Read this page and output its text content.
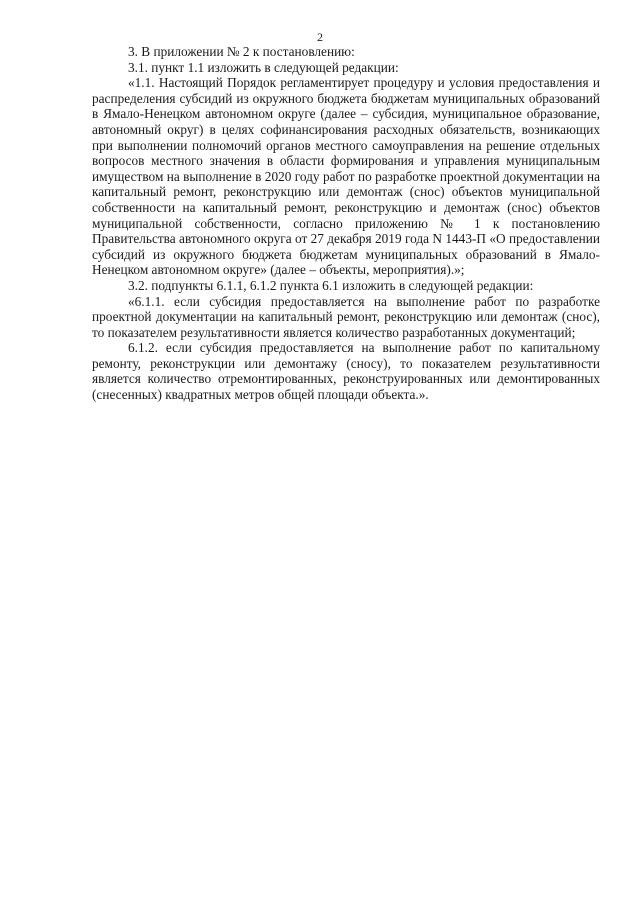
2

3. В приложении № 2 к постановлению:

3.1. пункт 1.1 изложить в следующей редакции:

«1.1. Настоящий Порядок регламентирует процедуру и условия предоставления и распределения субсидий из окружного бюджета бюджетам муниципальных образований в Ямало-Ненецком автономном округе (далее – субсидия, муниципальное образование, автономный округ) в целях софинансирования расходных обязательств, возникающих при выполнении полномочий органов местного самоуправления на решение отдельных вопросов местного значения в области формирования и управления муниципальным имуществом на выполнение в 2020 году работ по разработке проектной документации на капитальный ремонт, реконструкцию или демонтаж (снос) объектов муниципальной собственности на капитальный ремонт, реконструкцию и демонтаж (снос) объектов муниципальной собственности, согласно приложению № 1 к постановлению Правительства автономного округа от 27 декабря 2019 года N 1443-П «О предоставлении субсидий из окружного бюджета бюджетам муниципальных образований в Ямало-Ненецком автономном округе» (далее – объекты, мероприятия).»;

3.2. подпункты 6.1.1, 6.1.2 пункта 6.1 изложить в следующей редакции:

«6.1.1. если субсидия предоставляется на выполнение работ по разработке проектной документации на капитальный ремонт, реконструкцию или демонтаж (снос), то показателем результативности является количество разработанных документаций;

6.1.2. если субсидия предоставляется на выполнение работ по капитальному ремонту, реконструкции или демонтажу (сносу), то показателем результативности является количество отремонтированных, реконструированных или демонтированных (снесенных) квадратных метров общей площади объекта.».
